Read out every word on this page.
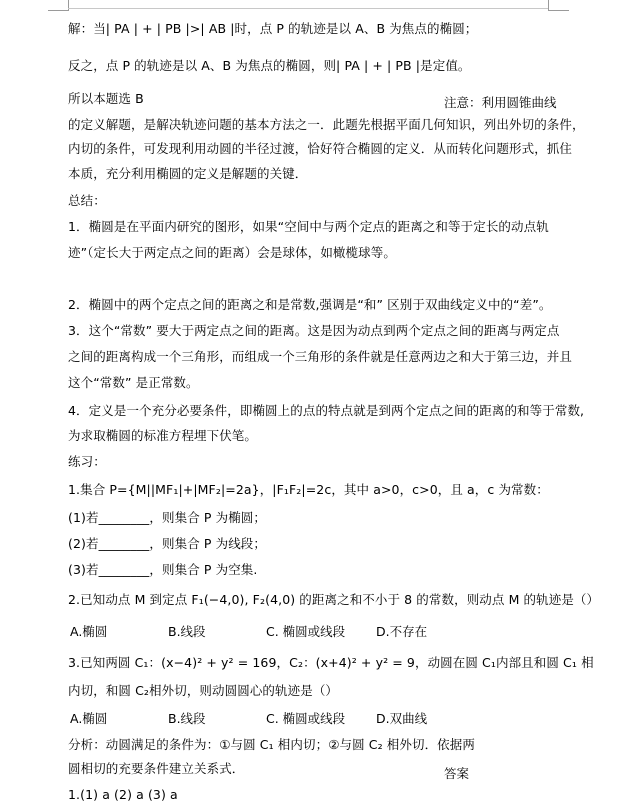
解：当| PA | + | PB |>| AB |时，点 P 的轨迹是以 A、B 为焦点的椭圆；
反之，点 P 的轨迹是以 A、B 为焦点的椭圆，则| PA | + | PB |是定值。
所以本题选 B	注意：利用圆锥曲线
的定义解题，是解决轨迹问题的基本方法之一．此题先根据平面几何知识，列出外切的条件，
内切的条件，可发现利用动圆的半径过渡，恰好符合椭圆的定义．从而转化问题形式，抓住
本质，充分利用椭圆的定义是解题的关键．
总结：
1．椭圆是在平面内研究的图形，如果“空间中与两个定点的距离之和等于定长的动点轨
迹”（定长大于两定点之间的距离）会是球体，如橄榄球等。
2．椭圆中的两个定点之间的距离之和是常数,强调是“和” 区别于双曲线定义中的“差”。
3．这个“常数” 要大于两定点之间的距离。这是因为动点到两个定点之间的距离与两定点
之间的距离构成一个三角形，而组成一个三角形的条件就是任意两边之和大于第三边，并且
这个“常数” 是正常数。
4．定义是一个充分必要条件，即椭圆上的点的特点就是到两个定点之间的距离的和等于常数,
为求取椭圆的标准方程埋下伏笔。
练习：
1.集合 P={M||MF₁|+|MF₂|=2a}，|F₁F₂|=2c，其中 a>0，c>0，且 a，c 为常数：
(1)若________，则集合 P 为椭圆；
(2)若________，则集合 P 为线段；
(3)若________，则集合 P 为空集.
2.已知动点 M 到定点 F₁(−4,0), F₂(4,0) 的距离之和不小于 8 的常数，则动点 M 的轨迹是（）
A.椭圆	B.线段	C. 椭圆或线段 D.不存在
3.已知两圆 C₁：(x−4)² + y² = 169，C₂：(x+4)² + y² = 9，动圆在圆 C₁内部且和圆 C₁ 相
内切，和圆 C₂相外切，则动圆圆心的轨迹是（）
A.椭圆	B.线段	C. 椭圆或线段 D.双曲线
分析：动圆满足的条件为：①与圆 C₁ 相内切；②与圆 C₂ 相外切．依据两
圆相切的充要条件建立关系式．	答案
1.(1) a (2) a (3) a
